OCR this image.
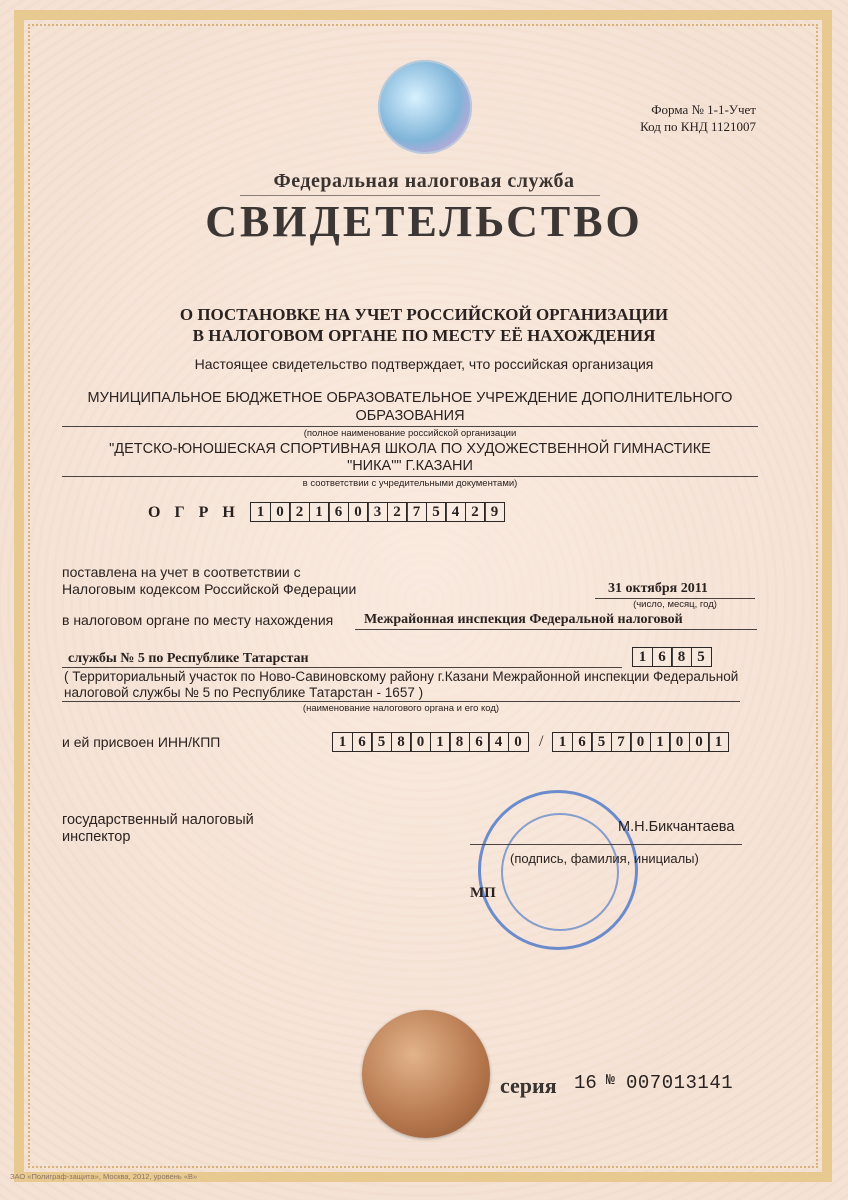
Форма № 1-1-Учет
Код по КНД 1121007
Федеральная налоговая служба
СВИДЕТЕЛЬСТВО
О ПОСТАНОВКЕ НА УЧЕТ РОССИЙСКОЙ ОРГАНИЗАЦИИ
В НАЛОГОВОМ ОРГАНЕ ПО МЕСТУ ЕЁ НАХОЖДЕНИЯ
Настоящее свидетельство подтверждает, что российская организация
МУНИЦИПАЛЬНОЕ БЮДЖЕТНОЕ ОБРАЗОВАТЕЛЬНОЕ УЧРЕЖДЕНИЕ ДОПОЛНИТЕЛЬНОГО
ОБРАЗОВАНИЯ
(полное наименование российской организации
"ДЕТСКО-ЮНОШЕСКАЯ СПОРТИВНАЯ ШКОЛА ПО ХУДОЖЕСТВЕННОЙ ГИМНАСТИКЕ
"НИКА"" Г.КАЗАНИ
в соответствии с учредительными документами)
ОГРН 1 0 2 1 6 0 3 2 7 5 4 2 9
поставлена на учет в соответствии с
Налоговым кодексом Российской Федерации	31 октября 2011
(число, месяц, год)
в налоговом органе по месту нахождения Межрайонная инспекция Федеральной налоговой
службы № 5 по Республике Татарстан	1 6 8 5
( Территориальный участок по Ново-Савиновскому району г.Казани Межрайонной инспекции Федеральной
налоговой службы № 5 по Республике Татарстан - 1657 )
(наименование налогового органа и его код)
и ей присвоен ИНН/КПП	1 6 5 8 0 1 8 6 4 0	/	1 6 5 7 0 1 0 0 1
государственный налоговый
инспектор
М.Н.Бикчантаева
(подпись, фамилия, инициалы)
МП
серия 16 № 007013141
ЗАО «Полиграф-защита», Москва, 2012, уровень «В»
